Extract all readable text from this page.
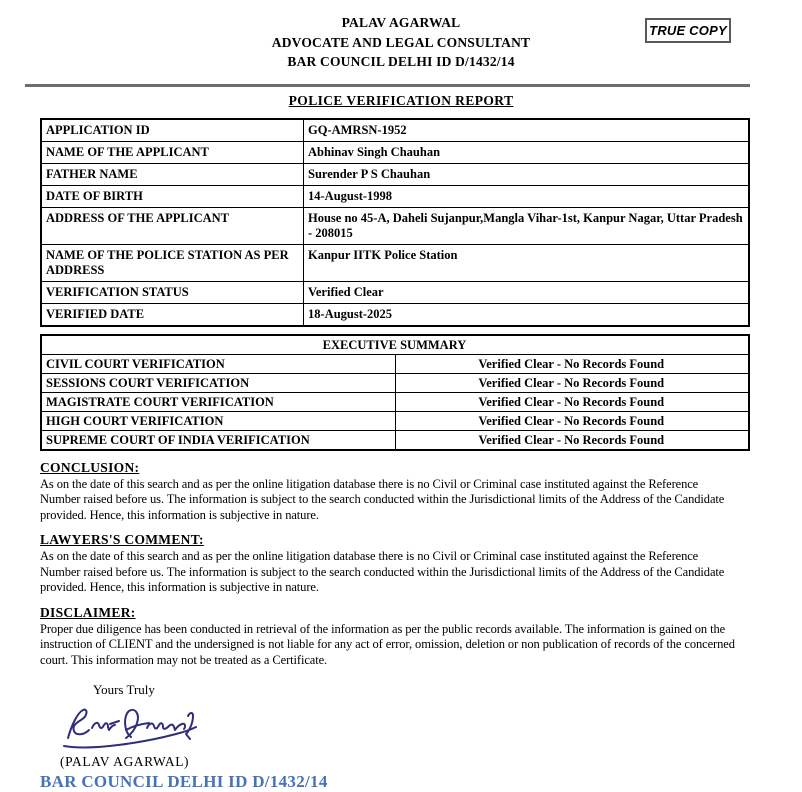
TRUE COPY
PALAV AGARWAL
ADVOCATE AND LEGAL CONSULTANT
BAR COUNCIL DELHI ID D/1432/14
POLICE VERIFICATION REPORT
APPLICATION ID	GQ-AMRSN-1952
NAME OF THE APPLICANT	Abhinav Singh Chauhan
FATHER NAME	Surender P S Chauhan
DATE OF BIRTH	14-August-1998
ADDRESS OF THE APPLICANT	House no 45-A, Daheli Sujanpur,Mangla Vihar-1st, Kanpur Nagar, Uttar Pradesh - 208015
NAME OF THE POLICE STATION AS PER ADDRESS	Kanpur IITK Police Station
VERIFICATION STATUS	Verified Clear
VERIFIED DATE	18-August-2025
EXECUTIVE SUMMARY	
CIVIL COURT VERIFICATION	Verified Clear - No Records Found
SESSIONS COURT VERIFICATION	Verified Clear - No Records Found
MAGISTRATE COURT VERIFICATION	Verified Clear - No Records Found
HIGH COURT VERIFICATION	Verified Clear - No Records Found
SUPREME COURT OF INDIA VERIFICATION	Verified Clear - No Records Found
CONCLUSION:

As on the date of this search and as per the online litigation database there is no Civil or Criminal case instituted against the Reference Number raised before us. The information is subject to the search conducted within the Jurisdictional limits of the Address of the Candidate provided. Hence, this information is subjective in nature.

LAWYERS'S COMMENT:

As on the date of this search and as per the online litigation database there is no Civil or Criminal case instituted against the Reference Number raised before us. The information is subject to the search conducted within the Jurisdictional limits of the Address of the Candidate provided. Hence, this information is subjective in nature.

DISCLAIMER:

Proper due diligence has been conducted in retrieval of the information as per the public records available. The information is gained on the instruction of CLIENT and the undersigned is not liable for any act of error, omission, deletion or non publication of records of the concerned court. This information may not be treated as a Certificate.

Yours Truly
(PALAV AGARWAL)
BAR COUNCIL DELHI ID D/1432/14
